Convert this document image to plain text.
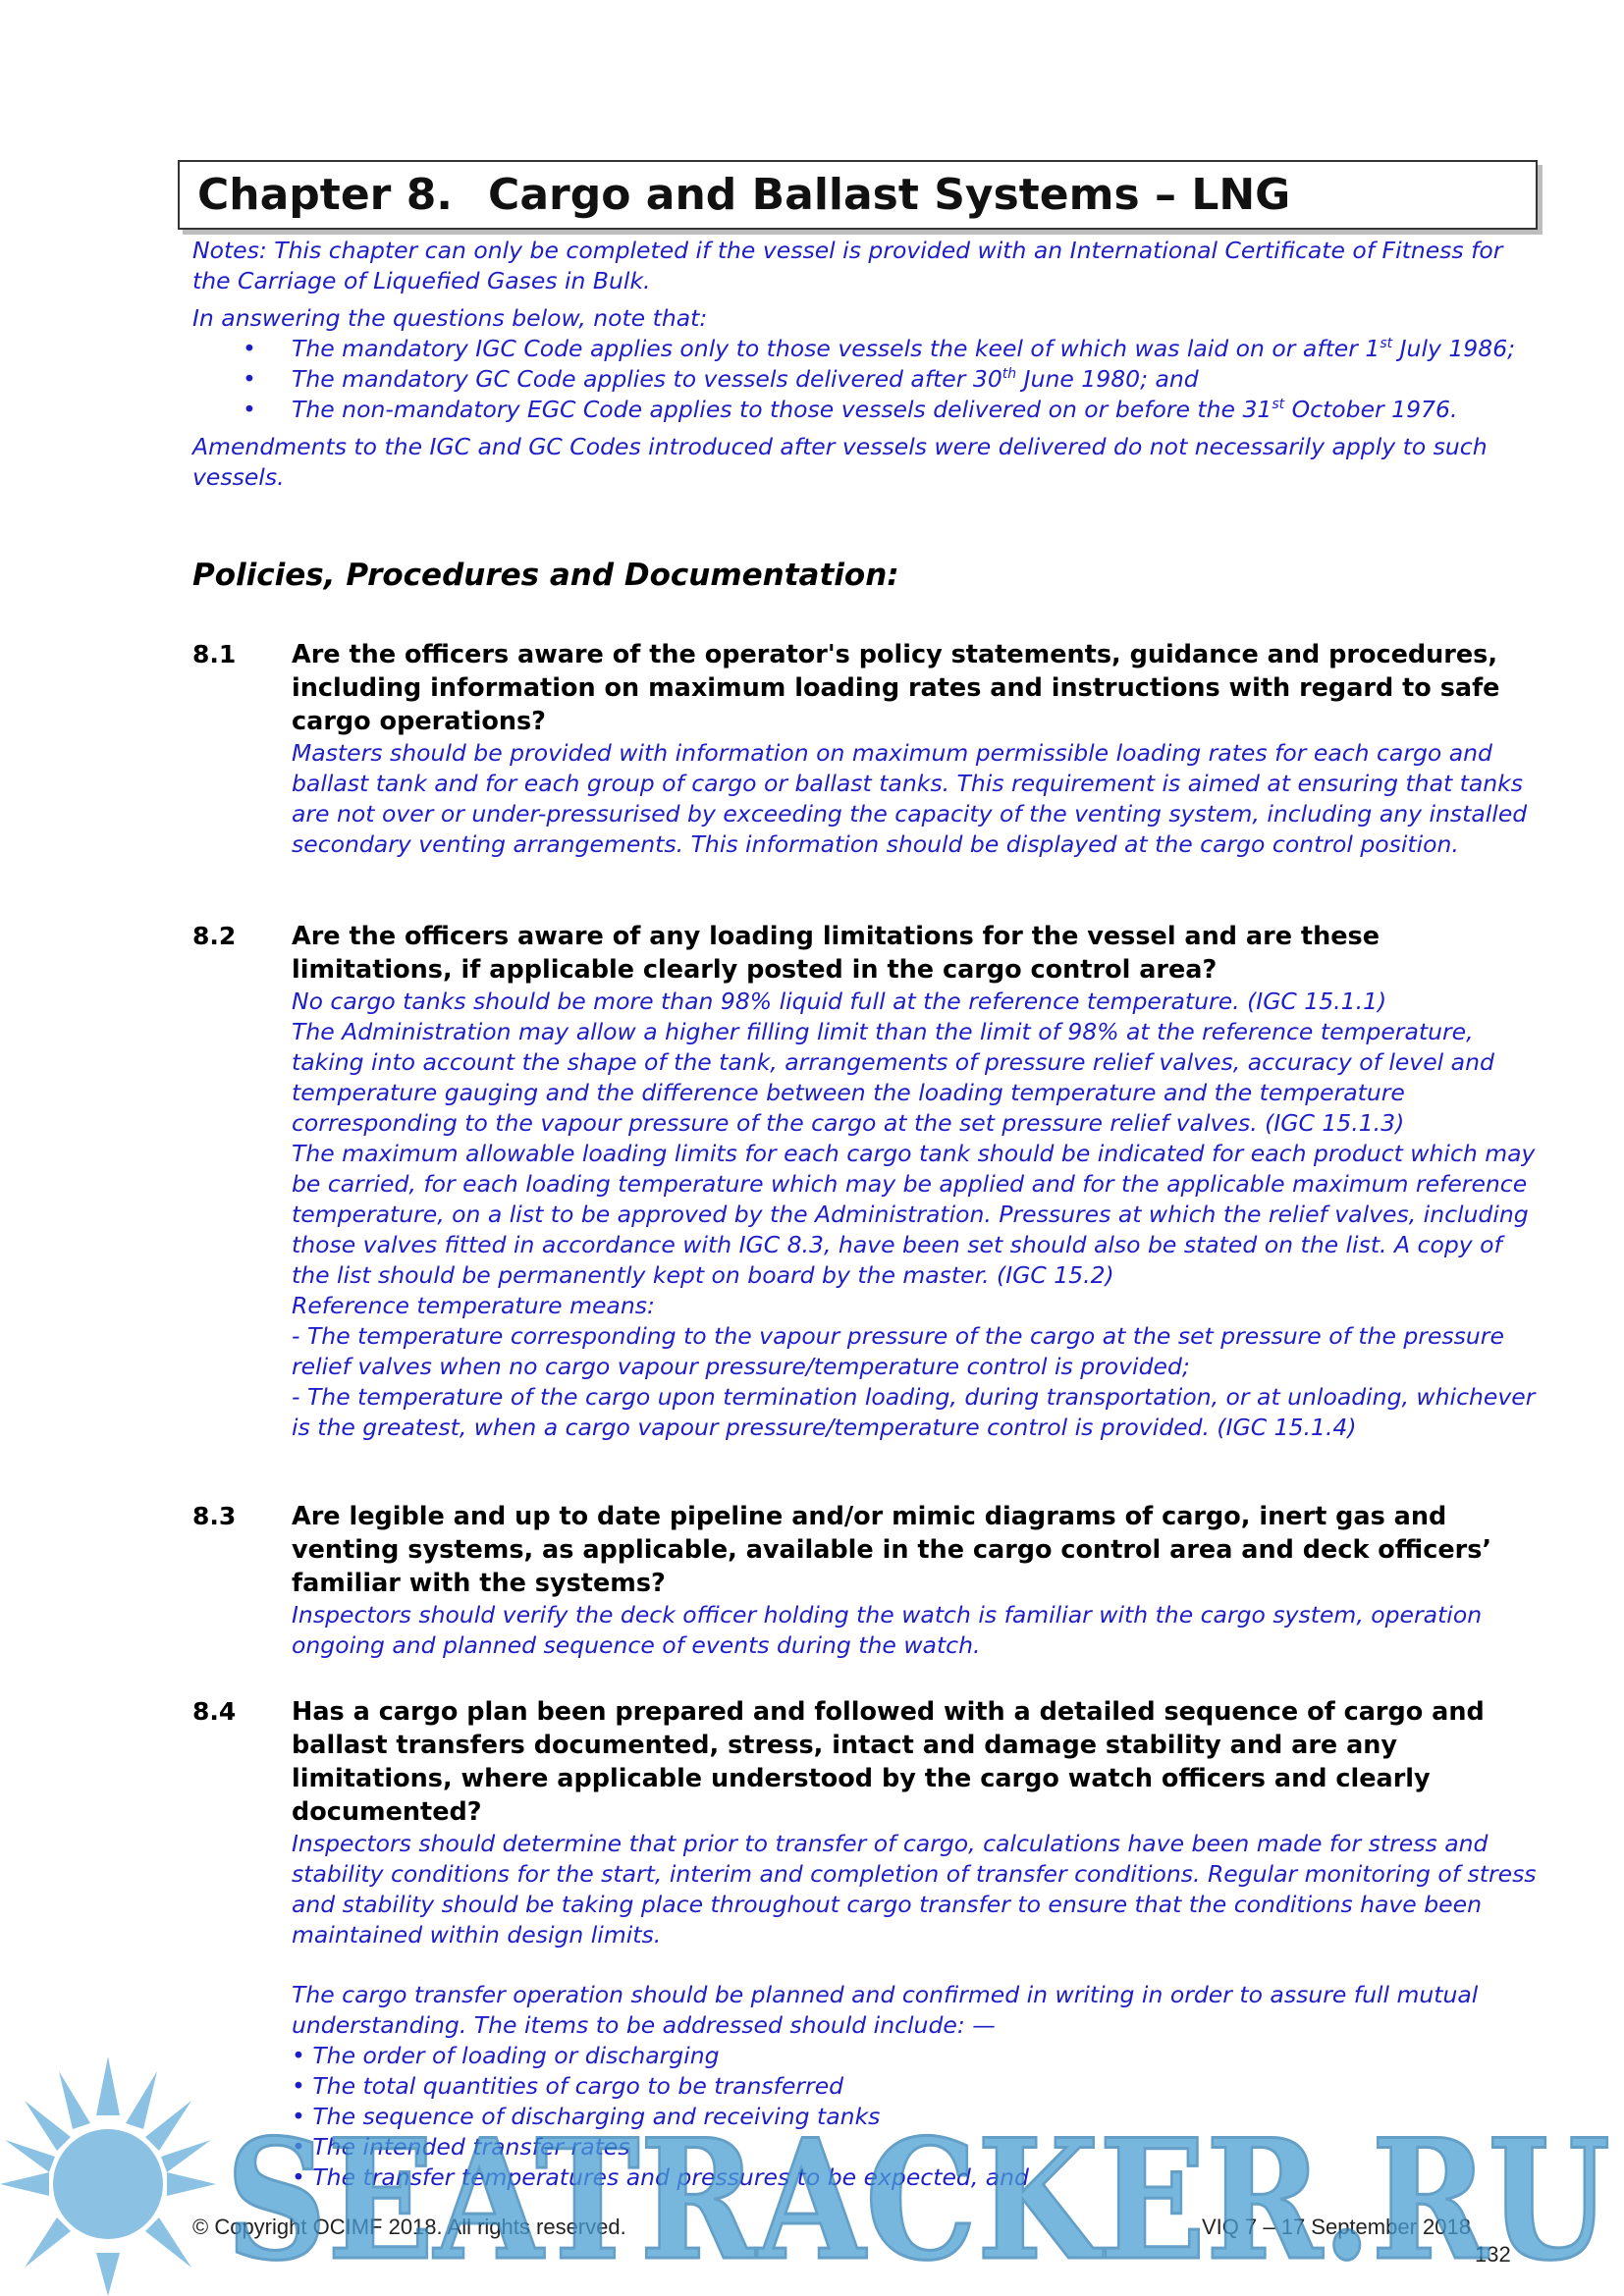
Chapter 8. Cargo and Ballast Systems – LNG

Notes: This chapter can only be completed if the vessel is provided with an International Certificate of Fitness for the Carriage of Liquefied Gases in Bulk.

In answering the questions below, note that:

• The mandatory IGC Code applies only to those vessels the keel of which was laid on or after 1st July 1986;
• The mandatory GC Code applies to vessels delivered after 30th June 1980; and
• The non-mandatory EGC Code applies to those vessels delivered on or before the 31st October 1976.

Amendments to the IGC and GC Codes introduced after vessels were delivered do not necessarily apply to such vessels.

Policies, Procedures and Documentation:
8.1 Are the officers aware of the operator's policy statements, guidance and procedures, including information on maximum loading rates and instructions with regard to safe cargo operations?

Masters should be provided with information on maximum permissible loading rates for each cargo and ballast tank and for each group of cargo or ballast tanks. This requirement is aimed at ensuring that tanks are not over or under-pressurised by exceeding the capacity of the venting system, including any installed secondary venting arrangements. This information should be displayed at the cargo control position.

8.2 Are the officers aware of any loading limitations for the vessel and are these limitations, if applicable clearly posted in the cargo control area?

No cargo tanks should be more than 98% liquid full at the reference temperature. (IGC 15.1.1)

The Administration may allow a higher filling limit than the limit of 98% at the reference temperature, taking into account the shape of the tank, arrangements of pressure relief valves, accuracy of level and temperature gauging and the difference between the loading temperature and the temperature corresponding to the vapour pressure of the cargo at the set pressure relief valves. (IGC 15.1.3)

The maximum allowable loading limits for each cargo tank should be indicated for each product which may be carried, for each loading temperature which may be applied and for the applicable maximum reference temperature, on a list to be approved by the Administration. Pressures at which the relief valves, including those valves fitted in accordance with IGC 8.3, have been set should also be stated on the list. A copy of the list should be permanently kept on board by the master. (IGC 15.2)

Reference temperature means:

- The temperature corresponding to the vapour pressure of the cargo at the set pressure of the pressure relief valves when no cargo vapour pressure/temperature control is provided;

- The temperature of the cargo upon termination loading, during transportation, or at unloading, whichever is the greatest, when a cargo vapour pressure/temperature control is provided. (IGC 15.1.4)

8.3 Are legible and up to date pipeline and/or mimic diagrams of cargo, inert gas and venting systems, as applicable, available in the cargo control area and deck officers’ familiar with the systems?

Inspectors should verify the deck officer holding the watch is familiar with the cargo system, operation ongoing and planned sequence of events during the watch.

8.4 Has a cargo plan been prepared and followed with a detailed sequence of cargo and ballast transfers documented, stress, intact and damage stability and are any limitations, where applicable understood by the cargo watch officers and clearly documented?

Inspectors should determine that prior to transfer of cargo, calculations have been made for stress and stability conditions for the start, interim and completion of transfer conditions. Regular monitoring of stress and stability should be taking place throughout cargo transfer to ensure that the conditions have been maintained within design limits.

The cargo transfer operation should be planned and confirmed in writing in order to assure full mutual understanding. The items to be addressed should include: —

• The order of loading or discharging

• The total quantities of cargo to be transferred

• The sequence of discharging and receiving tanks

• The intended transfer rates

• The transfer temperatures and pressures to be expected, and

© Copyright OCIMF 2018. All rights reserved.	VIQ 7 – 17 September 2018
132
SEATRACKER.RU
